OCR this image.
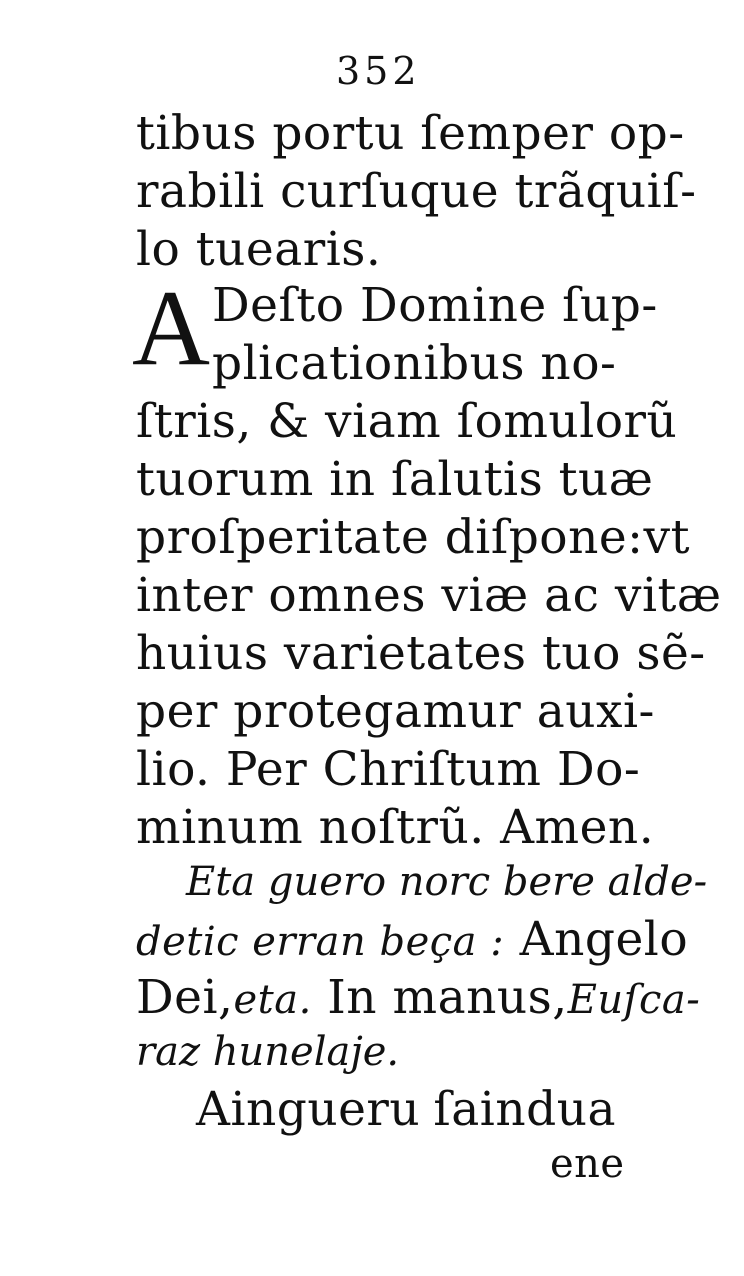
352
tibus portu ſemper op-
rabili curſuque trãquiſ-
lo tuearis.
A Deſto Domine ſup-
plicationibus no-
ſtris, & viam ſomulorũ
tuorum in ſalutis tuæ
proſperitate diſpone:vt
inter omnes viæ ac vitæ
huius varietates tuo sẽ-
per protegamur auxi-
lio. Per Chriſtum Do-
minum noſtrũ. Amen.
Eta guero norc bere alde-
detic erran beça : Angelo
Dei,eta. In manus,Euſca-
raz hunelaje.
Aingueru ſaindua
ene
